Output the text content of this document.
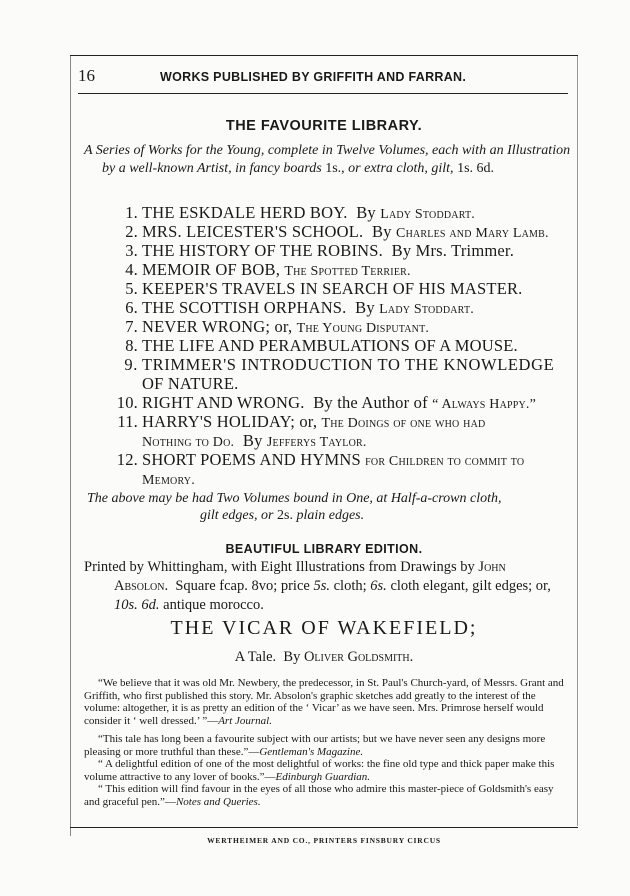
16	WORKS PUBLISHED BY GRIFFITH AND FARRAN.
THE FAVOURITE LIBRARY.
A Series of Works for the Young, complete in Twelve Volumes, each with an Illustration by a well-known Artist, in fancy boards 1s., or extra cloth, gilt, 1s. 6d.
1. THE ESKDALE HERD BOY. By Lady Stoddart.
2. MRS. LEICESTER'S SCHOOL. By Charles and Mary Lamb.
3. THE HISTORY OF THE ROBINS. By Mrs. Trimmer.
4. MEMOIR OF BOB, The Spotted Terrier.
5. KEEPER'S TRAVELS IN SEARCH OF HIS MASTER.
6. THE SCOTTISH ORPHANS. By Lady Stoddart.
7. NEVER WRONG; or, The Young Disputant.
8. THE LIFE AND PERAMBULATIONS OF A MOUSE.
9. TRIMMER'S INTRODUCTION TO THE KNOWLEDGE
OF NATURE.
10. RIGHT AND WRONG. By the Author of “ Always Happy.”
11. HARRY'S HOLIDAY; or, The Doings of one who had
Nothing to Do. By Jefferys Taylor.
12. SHORT POEMS AND HYMNS for Children to commit to
Memory.
The above may be had Two Volumes bound in One, at Half-a-crown cloth,
gilt edges, or 2s. plain edges.
BEAUTIFUL LIBRARY EDITION.
Printed by Whittingham, with Eight Illustrations from Drawings by John
Absolon. Square fcap. 8vo; price 5s. cloth; 6s. cloth elegant, gilt edges; or, 10s. 6d. antique morocco.
THE VICAR OF WAKEFIELD;
A Tale. By Oliver Goldsmith.
“We believe that it was old Mr. Newbery, the predecessor, in St. Paul's Church-yard, of Messrs. Grant and Griffith, who first published this story. Mr. Absolon's graphic sketches add greatly to the interest of the volume: altogether, it is as pretty an edition of the ‘ Vicar’ as we have seen. Mrs. Primrose herself would consider it ‘ well dressed.’ ”—Art Journal.
“This tale has long been a favourite subject with our artists; but we have never seen any designs more pleasing or more truthful than these.”—Gentleman's Magazine.
“ A delightful edition of one of the most delightful of works: the fine old type and thick paper make this volume attractive to any lover of books.”—Edinburgh Guardian.
“ This edition will find favour in the eyes of all those who admire this master-piece of Goldsmith's easy and graceful pen.”—Notes and Queries.
WERTHEIMER AND CO., PRINTERS FINSBURY CIRCUS
